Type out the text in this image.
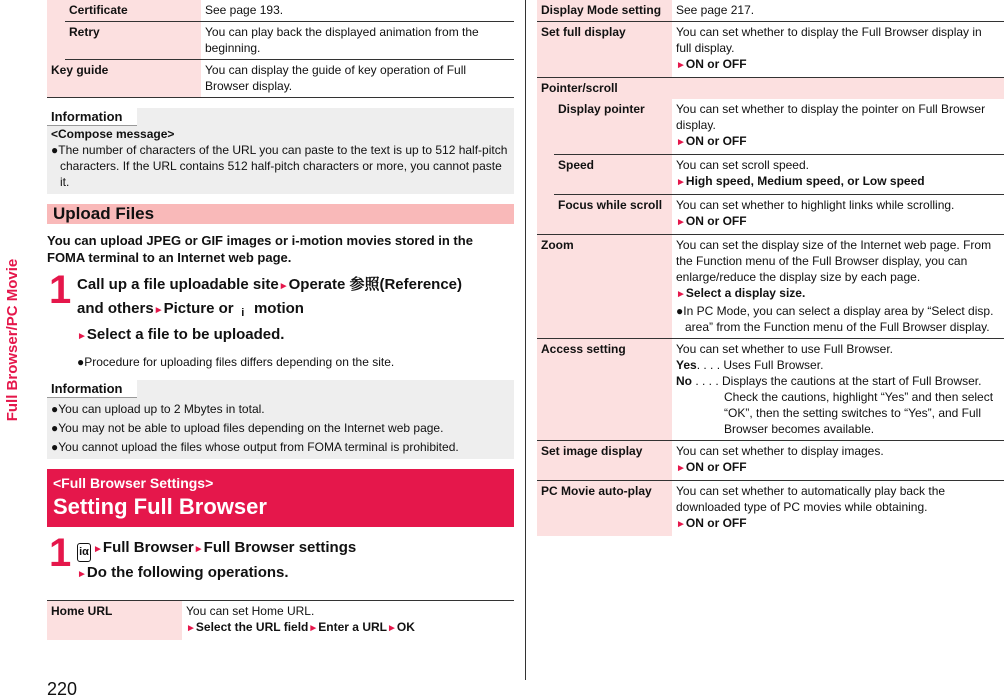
Full Browser/PC Movie
220
	Certificate	See page 193.
	Retry	You can play back the displayed animation from the beginning.
Key guide		You can display the guide of key operation of Full Browser display.
Information
<Compose message>
●The number of characters of the URL you can paste to the text is up to 512 half-pitch characters. If the URL contains 512 half-pitch characters or more, you cannot paste it.
Upload Files
You can upload JPEG or GIF images or i-motion movies stored in the FOMA terminal to an Internet web page.
1 Call up a file uploadable site►Operate 参照(Reference)
and others►Picture or i motion
►Select a file to be uploaded.
●Procedure for uploading files differs depending on the site.
Information
●You can upload up to 2 Mbytes in total.
●You may not be able to upload files depending on the Internet web page.
●You cannot upload the files whose output from FOMA terminal is prohibited.
<Full Browser Settings>
Setting Full Browser
1 iα ►Full Browser►Full Browser settings
►Do the following operations.
Home URL	You can set Home URL.
►Select the URL field►Enter a URL►OK
Display Mode setting		See page 217.
Set full display		You can set whether to display the Full Browser display in full display.
►ON or OFF
Pointer/scroll		
	Display pointer	You can set whether to display the pointer on Full Browser display.
►ON or OFF
	Speed	You can set scroll speed.
►High speed, Medium speed, or Low speed
	Focus while scroll	You can set whether to highlight links while scrolling.
►ON or OFF
Zoom		You can set the display size of the Internet web page. From the Function menu of the Full Browser display, you can enlarge/reduce the display size by each page.
►Select a display size.
●In PC Mode, you can select a display area by “Select disp. area” from the Function menu of the Full Browser display.

Access setting		You can set whether to use Full Browser.

Yes. . . . Uses Full Browser.
No . . . . Displays the cautions at the start of Full Browser. Check the cautions, highlight “Yes” and then select “OK”, then the setting switches to “Yes”, and Full Browser becomes available.

Set image display		You can set whether to display images.
►ON or OFF
PC Movie auto-play		You can set whether to automatically play back the downloaded type of PC movies while obtaining.
►ON or OFF
